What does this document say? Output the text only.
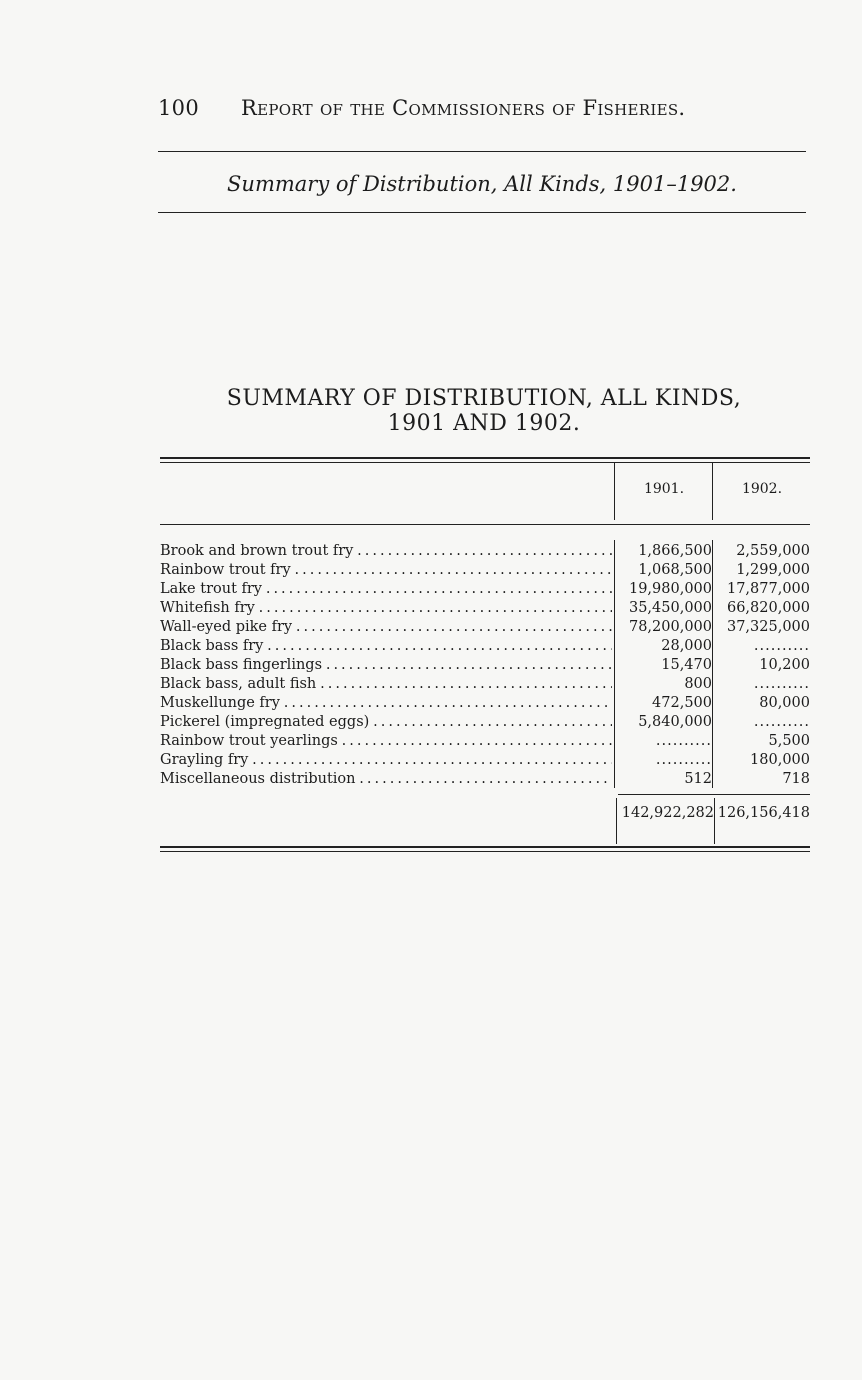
100 Report of the Commissioners of Fisheries.
Summary of Distribution, All Kinds, 1901–1902.
SUMMARY OF DISTRIBUTION, ALL KINDS,
1901 AND 1902.
1901.	1902.
Brook and brown trout fry . . .	1,866,500	2,559,000
Rainbow trout fry . . .	1,068,500	1,299,000
Lake trout fry . . .	19,980,000	17,877,000
Whitefish fry . . .	35,450,000	66,820,000
Wall-eyed pike fry . . .	78,200,000	37,325,000
Black bass fry . . .	28,000	..........
Black bass fingerlings . . .	15,470	10,200
Black bass, adult fish . . .	800	..........
Muskellunge fry . . .	472,500	80,000
Pickerel (impregnated eggs) . . .	5,840,000	..........
Rainbow trout yearlings . . .	..........	5,500
Grayling fry . . .	..........	180,000
Miscellaneous distribution . . .	512	718
142,922,282 126,156,418
